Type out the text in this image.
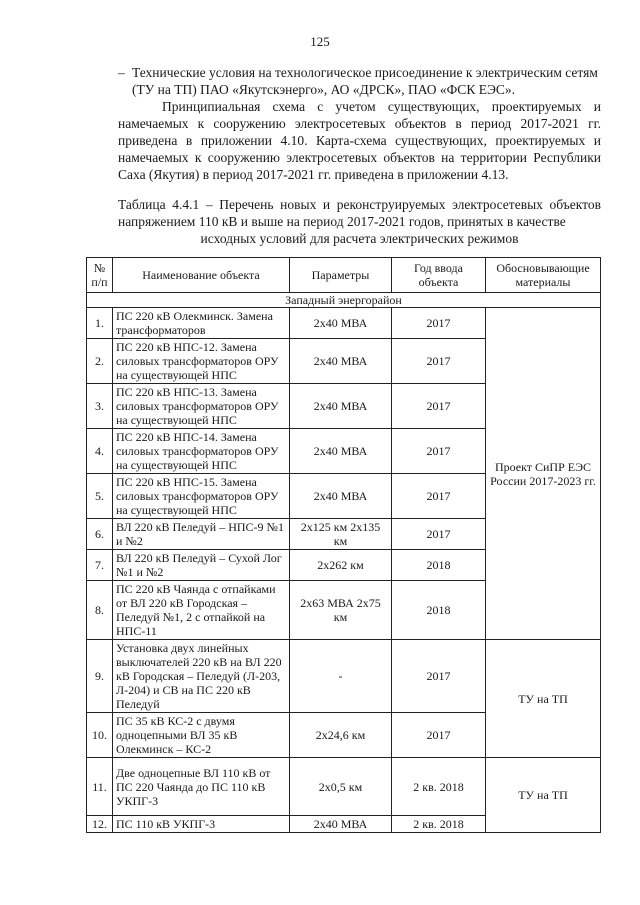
125
– Технические условия на технологическое присоединение к электрическим сетям (ТУ на ТП) ПАО «Якутскэнерго», АО «ДРСК», ПАО «ФСК ЕЭС».
Принципиальная схема с учетом существующих, проектируемых и намечаемых к сооружению электросетевых объектов в период 2017-2021 гг. приведена в приложении 4.10. Карта-схема существующих, проектируемых и намечаемых к сооружению электросетевых объектов на территории Республики Саха (Якутия) в период 2017-2021 гг. приведена в приложении 4.13.
Таблица 4.4.1 – Перечень новых и реконструируемых электросетевых объектов напряжением 110 кВ и выше на период 2017-2021 годов, принятых в качестве
исходных условий для расчета электрических режимов
№ п/п	Наименование объекта	Параметры	Год ввода объекта	Обосновывающие материалы
Западный энергорайон				
1.	ПС 220 кВ Олекминск. Замена трансформаторов	2х40 МВА	2017	Проект СиПР ЕЭС России 2017-2023 гг.
2.	ПС 220 кВ НПС-12. Замена силовых трансформаторов ОРУ на существующей НПС	2х40 МВА	2017	
3.	ПС 220 кВ НПС-13. Замена силовых трансформаторов ОРУ на существующей НПС	2х40 МВА	2017	
4.	ПС 220 кВ НПС-14. Замена силовых трансформаторов ОРУ на существующей НПС	2х40 МВА	2017	
5.	ПС 220 кВ НПС-15. Замена силовых трансформаторов ОРУ на существующей НПС	2х40 МВА	2017	
6.	ВЛ 220 кВ Пеледуй – НПС-9 №1 и №2	2х125 км 2х135 км	2017	
7.	ВЛ 220 кВ Пеледуй – Сухой Лог №1 и №2	2х262 км	2018	
8.	ПС 220 кВ Чаянда с отпайками от ВЛ 220 кВ Городская – Пеледуй №1, 2 с отпайкой на НПС-11	2х63 МВА 2х75 км	2018	
9.	Установка двух линейных выключателей 220 кВ на ВЛ 220 кВ Городская – Пеледуй (Л-203, Л-204) и СВ на ПС 220 кВ Пеледуй	-	2017	ТУ на ТП
10.	ПС 35 кВ КС-2 с двумя одноцепными ВЛ 35 кВ Олекминск – КС-2	2х24,6 км	2017	
11.	Две одноцепные ВЛ 110 кВ от ПС 220 Чаянда до ПС 110 кВ УКПГ-3	2х0,5 км	2 кв. 2018	ТУ на ТП
12.	ПС 110 кВ УКПГ-3	2х40 МВА	2 кв. 2018	
